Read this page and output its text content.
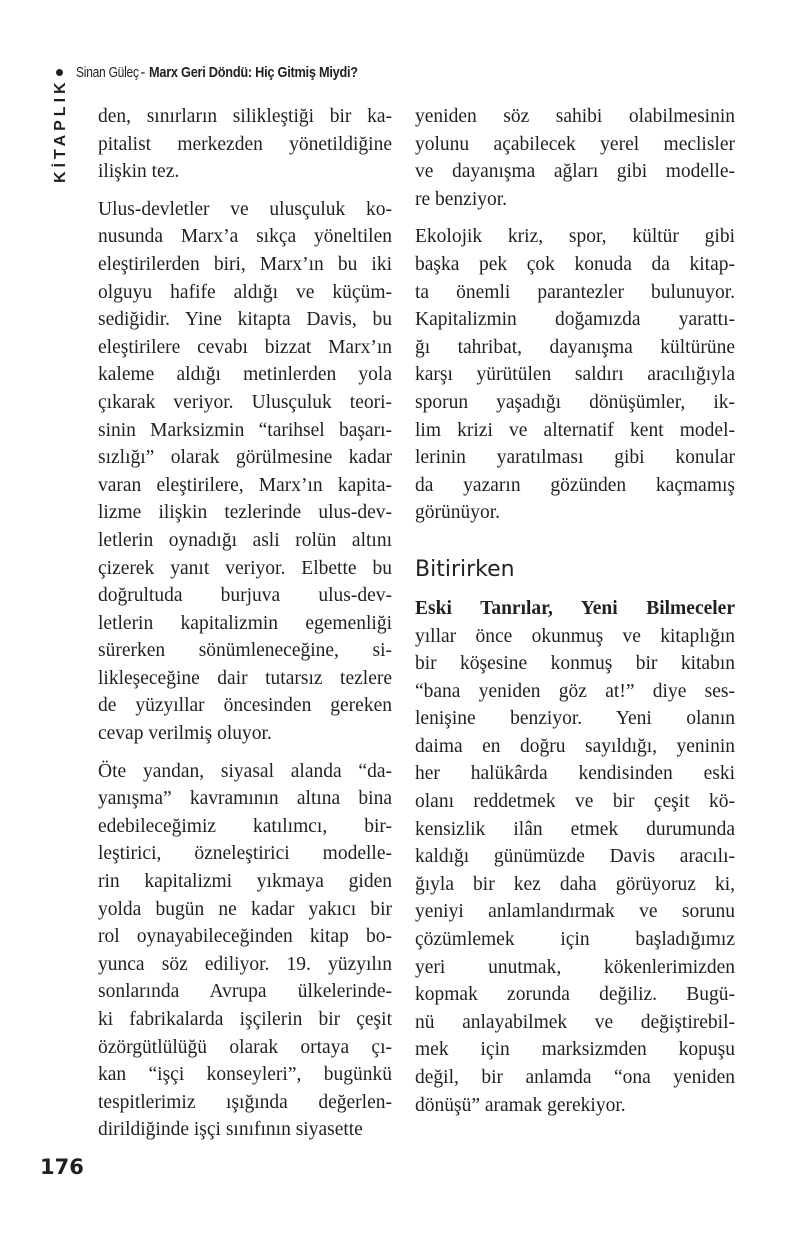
Sinan Güleç - Marx Geri Döndü: Hiç Gitmiş Miydi?
KİTAPLIK den, sınırların silikleştiği bir ka-
pitalist merkezden yönetildiğine
ilişkin tez.
Ulus-devletler ve ulusçuluk ko-
nusunda Marx’a sıkça yöneltilen
eleştirilerden biri, Marx’ın bu iki
olguyu hafife aldığı ve küçüm-
sediğidir. Yine kitapta Davis, bu
eleştirilere cevabı bizzat Marx’ın
kaleme aldığı metinlerden yola
çıkarak veriyor. Ulusçuluk teori-
sinin Marksizmin “tarihsel başarı-
sızlığı” olarak görülmesine kadar
varan eleştirilere, Marx’ın kapita-
lizme ilişkin tezlerinde ulus-dev-
letlerin oynadığı asli rolün altını
çizerek yanıt veriyor. Elbette bu
doğrultuda burjuva ulus-dev-
letlerin kapitalizmin egemenliği
sürerken sönümleneceğine, si-
likleşeceğine dair tutarsız tezlere
de yüzyıllar öncesinden gereken
cevap verilmiş oluyor.
Öte yandan, siyasal alanda “da-
yanışma” kavramının altına bina
edebileceğimiz katılımcı, bir-
leştirici, özneleştirici modelle-
rin kapitalizmi yıkmaya giden
yolda bugün ne kadar yakıcı bir
rol oynayabileceğinden kitap bo-
yunca söz ediliyor. 19. yüzyılın
sonlarında Avrupa ülkelerinde-
ki fabrikalarda işçilerin bir çeşit
özörgütlülüğü olarak ortaya çı-
kan “işçi konseyleri”, bugünkü
tespitlerimiz ışığında değerlen-
dirildiğinde işçi sınıfının siyasette
yeniden söz sahibi olabilmesinin
yolunu açabilecek yerel meclisler
ve dayanışma ağları gibi modelle-
re benziyor.
Ekolojik kriz, spor, kültür gibi
başka pek çok konuda da kitap-
ta önemli parantezler bulunuyor.
Kapitalizmin doğamızda yarattı-
ğı tahribat, dayanışma kültürüne
karşı yürütülen saldırı aracılığıyla
sporun yaşadığı dönüşümler, ik-
lim krizi ve alternatif kent model-
lerinin yaratılması gibi konular
da yazarın gözünden kaçmamış
görünüyor.
Bitirirken
Eski Tanrılar, Yeni Bilmeceler
yıllar önce okunmuş ve kitaplığın
bir köşesine konmuş bir kitabın
“bana yeniden göz at!” diye ses-
lenişine benziyor. Yeni olanın
daima en doğru sayıldığı, yeninin
her halükârda kendisinden eski
olanı reddetmek ve bir çeşit kö-
kensizlik ilân etmek durumunda
kaldığı günümüzde Davis aracılı-
ğıyla bir kez daha görüyoruz ki,
yeniyi anlamlandırmak ve sorunu
çözümlemek için başladığımız
yeri unutmak, kökenlerimizden
kopmak zorunda değiliz. Bugü-
nü anlayabilmek ve değiştirebil-
mek için marksizmden kopuşu
değil, bir anlamda “ona yeniden
dönüşü” aramak gerekiyor.
176
